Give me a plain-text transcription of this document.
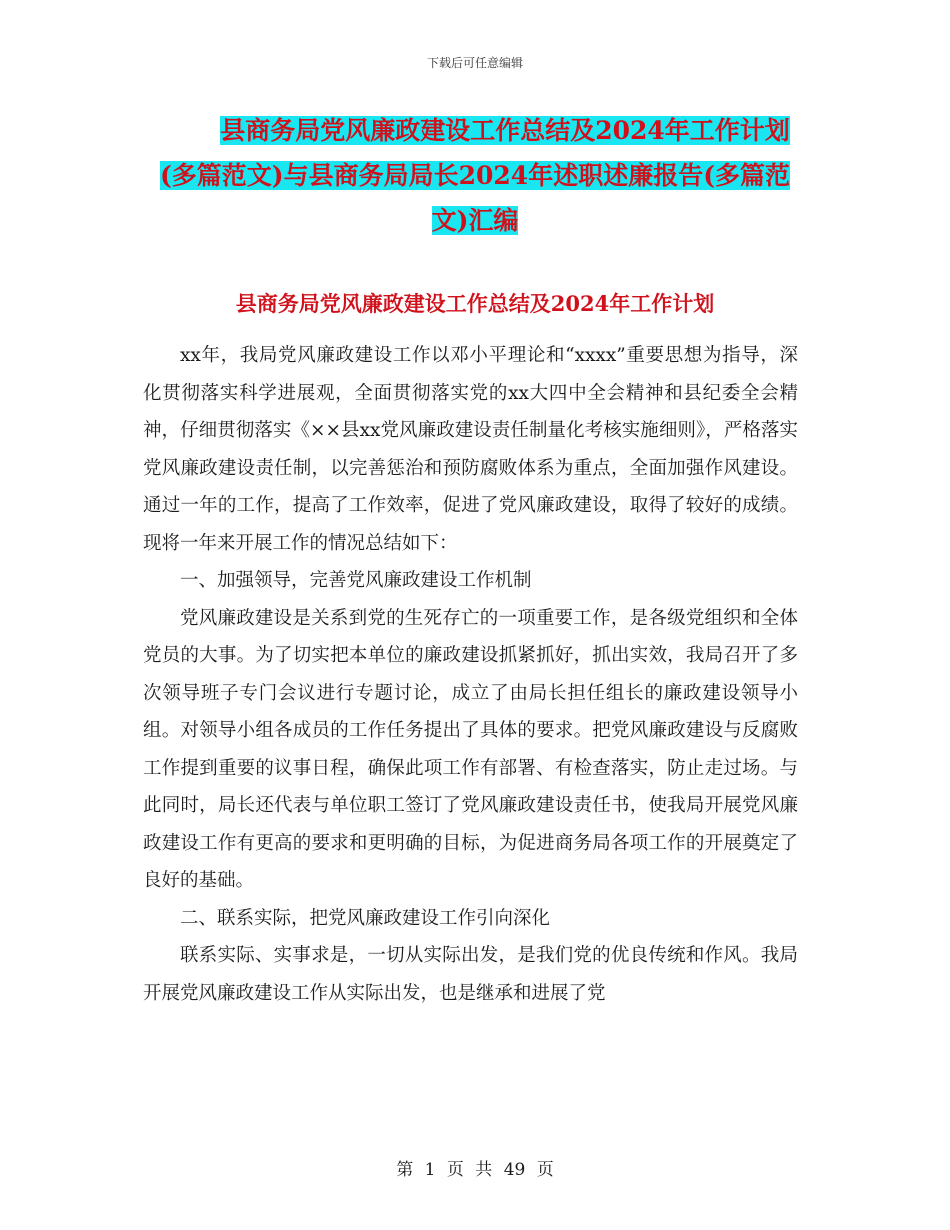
下载后可任意编辑
县商务局党风廉政建设工作总结及2024年工作计划
(多篇范文)与县商务局局长2024年述职述廉报告(多篇范
文)汇编
县商务局党风廉政建设工作总结及2024年工作计划

xx年，我局党风廉政建设工作以邓小平理论和“xxxx”重要思想为指导，深化贯彻落实科学进展观，全面贯彻落实党的xx大四中全会精神和县纪委全会精神，仔细贯彻落实《××县xx党风廉政建设责任制量化考核实施细则》，严格落实党风廉政建设责任制，以完善惩治和预防腐败体系为重点，全面加强作风建设。通过一年的工作，提高了工作效率，促进了党风廉政建设，取得了较好的成绩。现将一年来开展工作的情况总结如下：

一、加强领导，完善党风廉政建设工作机制

党风廉政建设是关系到党的生死存亡的一项重要工作，是各级党组织和全体党员的大事。为了切实把本单位的廉政建设抓紧抓好，抓出实效，我局召开了多次领导班子专门会议进行专题讨论，成立了由局长担任组长的廉政建设领导小组。对领导小组各成员的工作任务提出了具体的要求。把党风廉政建设与反腐败工作提到重要的议事日程，确保此项工作有部署、有检查落实，防止走过场。与此同时，局长还代表与单位职工签订了党风廉政建设责任书，使我局开展党风廉政建设工作有更高的要求和更明确的目标，为促进商务局各项工作的开展奠定了良好的基础。

二、联系实际，把党风廉政建设工作引向深化

联系实际、实事求是，一切从实际出发，是我们党的优良传统和作风。我局开展党风廉政建设工作从实际出发，也是继承和进展了党

第 1 页 共 49 页
